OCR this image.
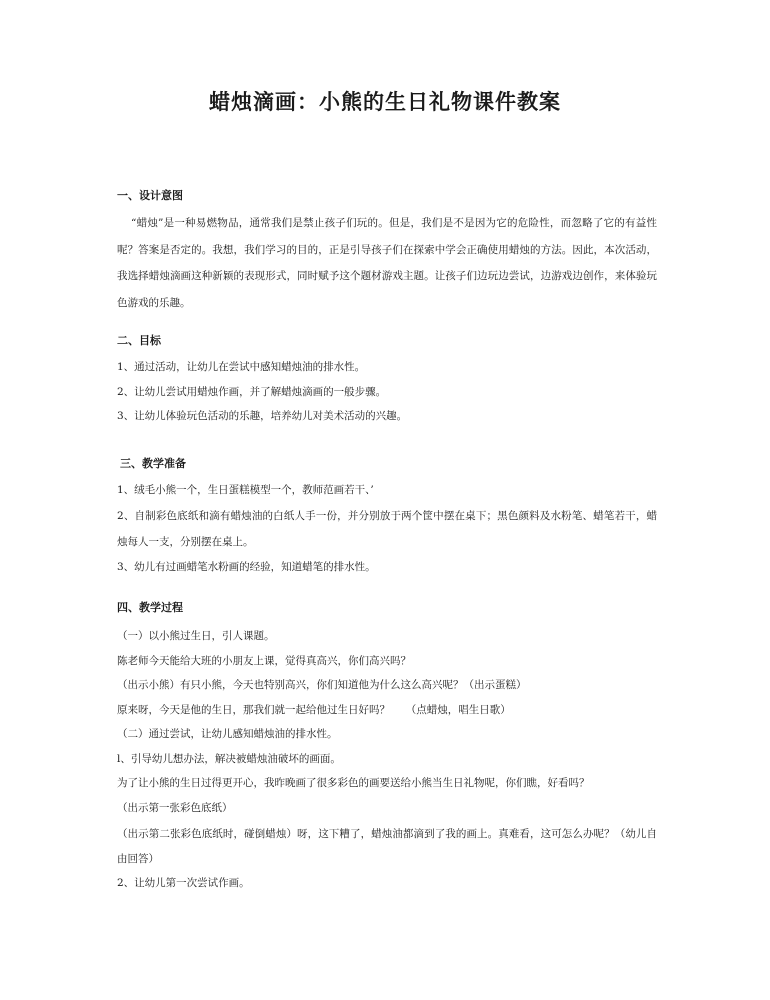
蜡烛滴画：小熊的生日礼物课件教案
一、设计意图
“蜡烛”是一种易燃物品，通常我们是禁止孩子们玩的。但是，我们是不是因为它的危险性，而忽略了它的有益性呢？答案是否定的。我想，我们学习的目的，正是引导孩子们在探索中学会正确使用蜡烛的方法。因此，本次活动，我选择蜡烛滴画这种新颖的表现形式，同时赋予这个题材游戏主题。让孩子们边玩边尝试，边游戏边创作，来体验玩色游戏的乐趣。
二、目标
1、通过活动，让幼儿在尝试中感知蜡烛油的排水性。
2、让幼儿尝试用蜡烛作画，并了解蜡烛滴画的一般步骤。
3、让幼儿体验玩色活动的乐趣，培养幼儿对美术活动的兴趣。
三、教学准备
1、绒毛小熊一个，生日蛋糕模型一个，教师范画若干、’
2、自制彩色底纸和滴有蜡烛油的白纸人手一份，并分别放于两个筐中摆在桌下；黑色颜料及水粉笔、蜡笔若干，蜡烛每人一支，分别摆在桌上。
3、幼儿有过画蜡笔水粉画的经验，知道蜡笔的排水性。
四、教学过程
（一）以小熊过生日，引人课题。
陈老师今天能给大班的小朋友上课，觉得真高兴，你们高兴吗？
（出示小熊）有只小熊，今天也特别高兴，你们知道他为什么这么高兴呢？（出示蛋糕）
原来呀，今天是他的生日，那我们就一起给他过生日好吗？　　（点蜡烛，唱生日歌）
（二）通过尝试，让幼儿感知蜡烛油的排水性。
l、引导幼儿想办法，解决被蜡烛油破坏的画面。
为了让小熊的生日过得更开心，我昨晚画了很多彩色的画要送给小熊当生日礼物呢，你们瞧，好看吗？
（出示第一张彩色底纸）
（出示第二张彩色底纸时，碰倒蜡烛）呀，这下糟了，蜡烛油都滴到了我的画上。真难看，这可怎么办呢？（幼儿自由回答）
2、让幼儿第一次尝试作画。
